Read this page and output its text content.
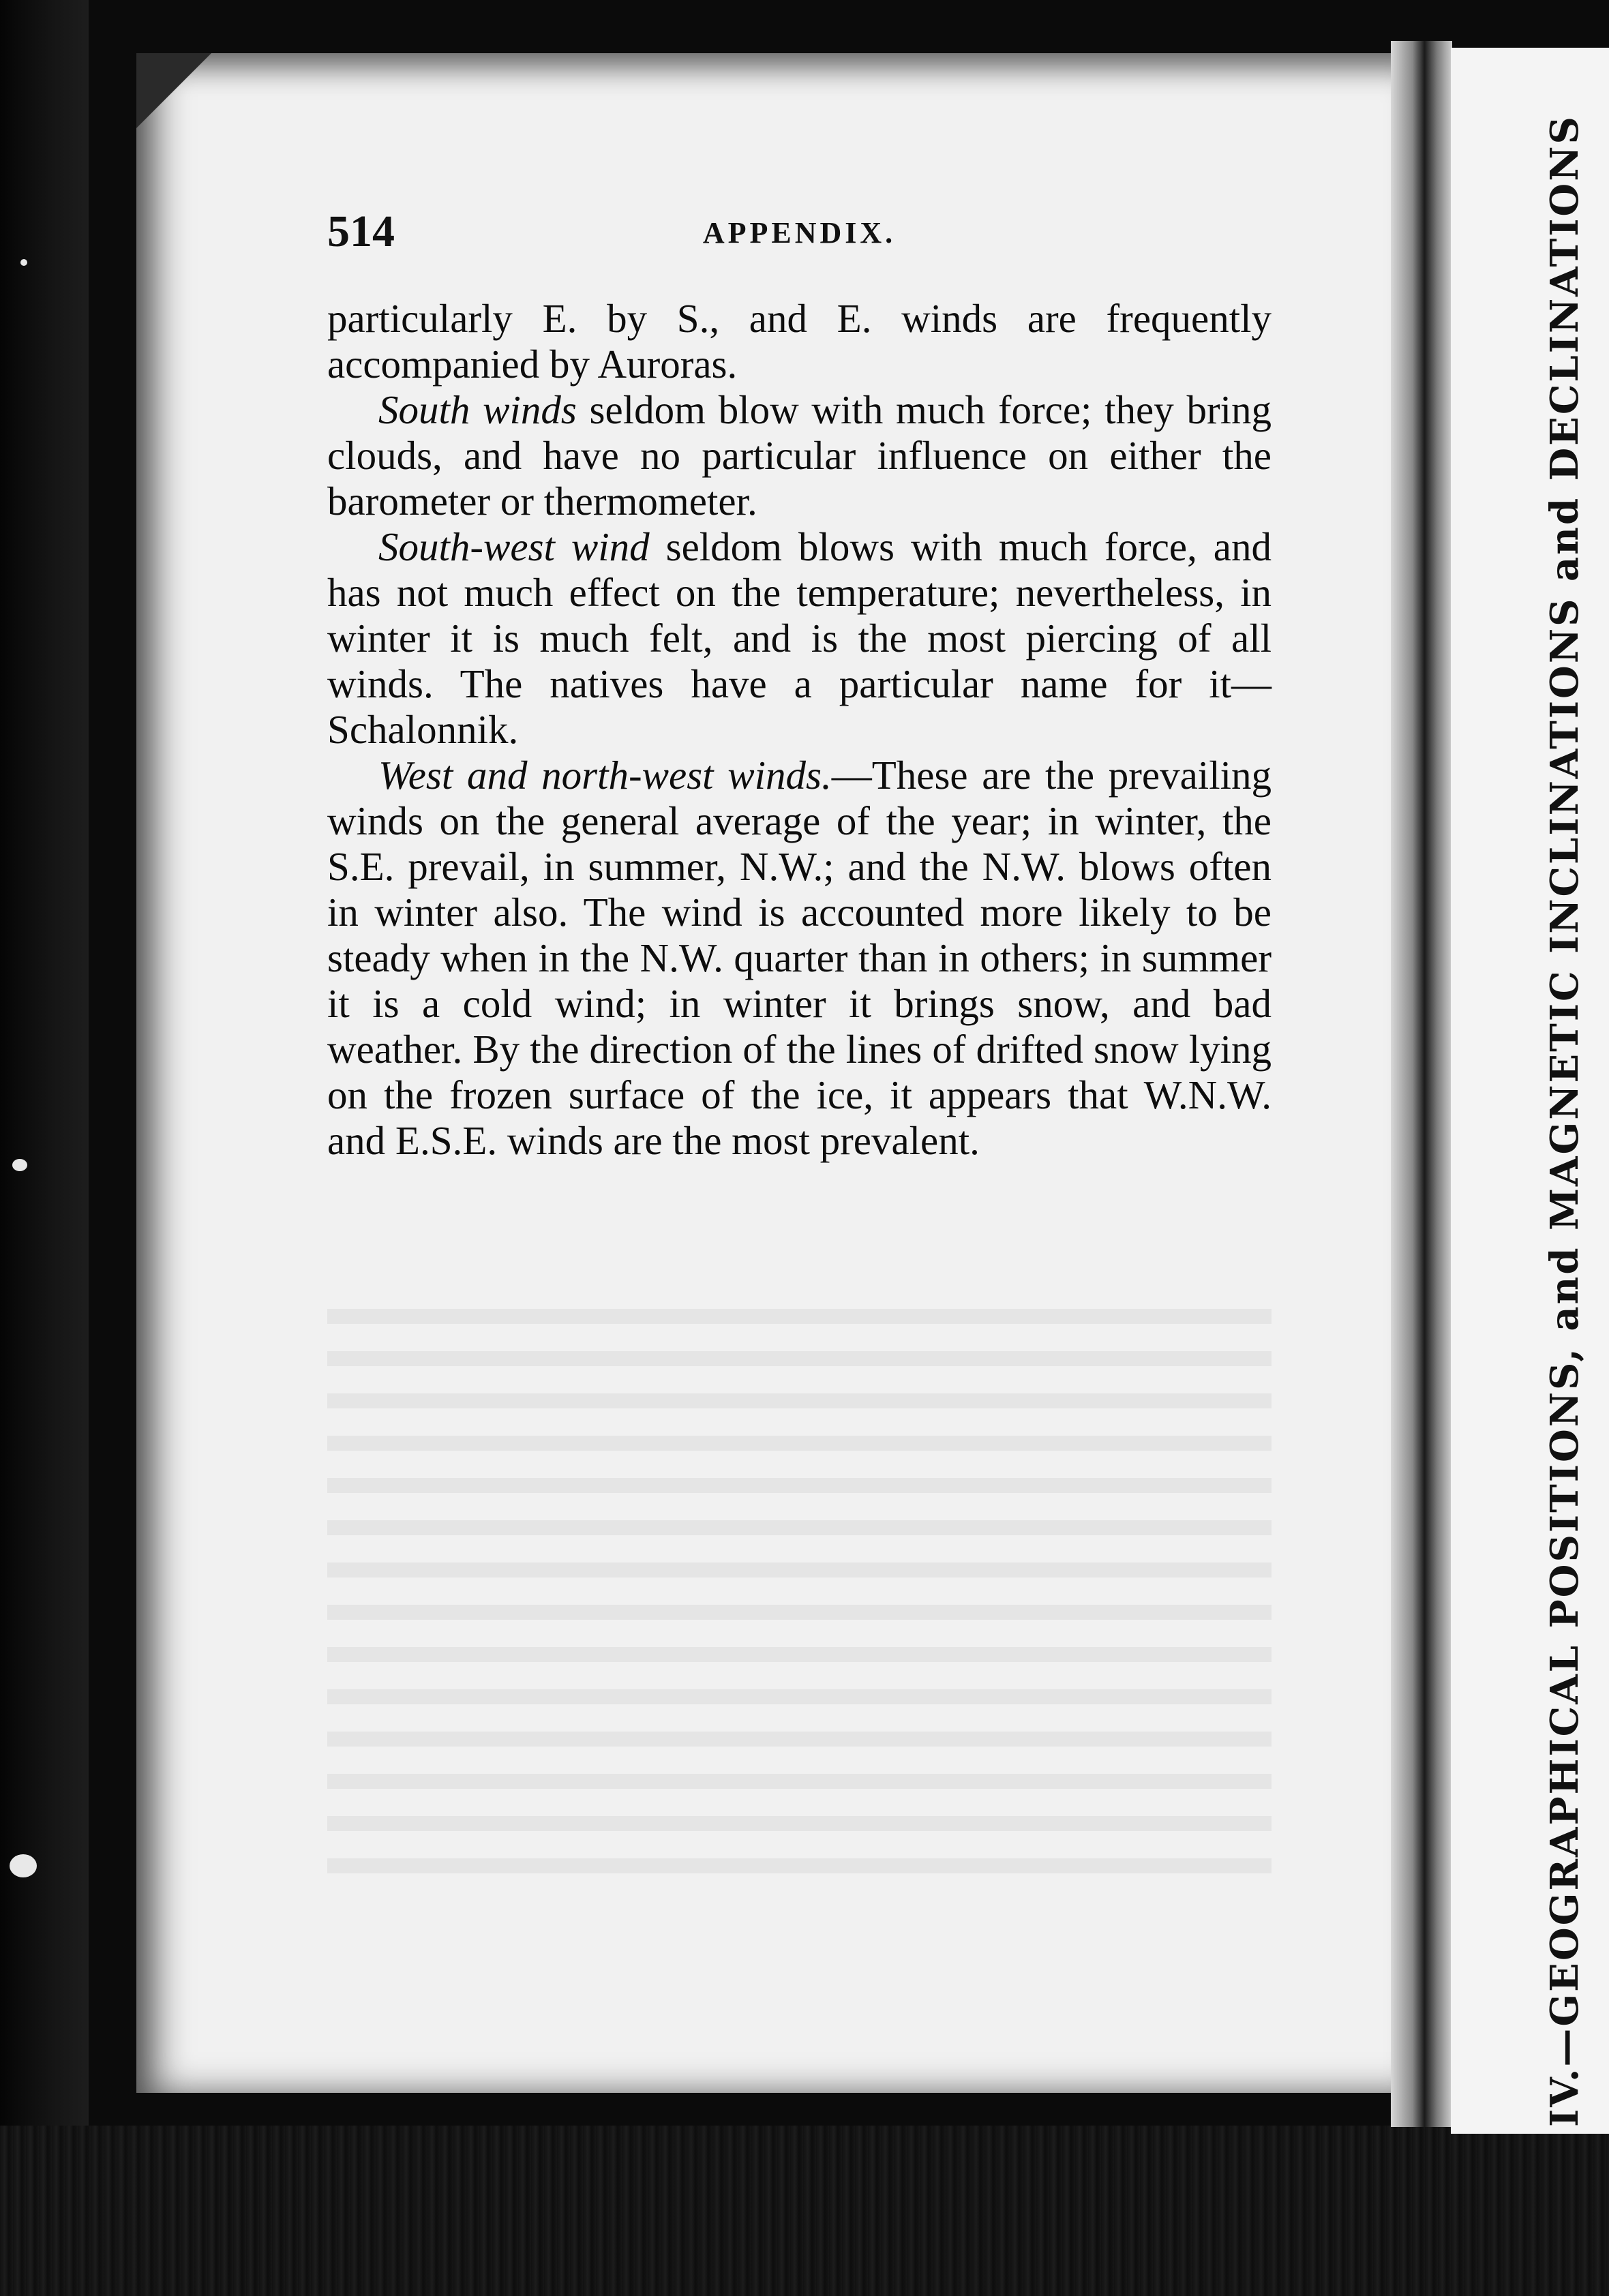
IV.—GEOGRAPHICAL POSITIONS, and MAGNETIC INCLINATIONS and DECLINATIONS
514	APPENDIX.

particularly E. by S., and E. winds are frequently accompanied by Auroras.

South winds seldom blow with much force; they bring clouds, and have no particular influence on either the barometer or thermometer.

South-west wind seldom blows with much force, and has not much effect on the temperature; nevertheless, in winter it is much felt, and is the most piercing of all winds. The natives have a particular name for it—Schalonnik.

West and north-west winds.—These are the prevailing winds on the general average of the year; in winter, the S.E. prevail, in summer, N.W.; and the N.W. blows often in winter also. The wind is accounted more likely to be steady when in the N.W. quarter than in others; in summer it is a cold wind; in winter it brings snow, and bad weather. By the direction of the lines of drifted snow lying on the frozen surface of the ice, it appears that W.N.W. and E.S.E. winds are the most prevalent.
